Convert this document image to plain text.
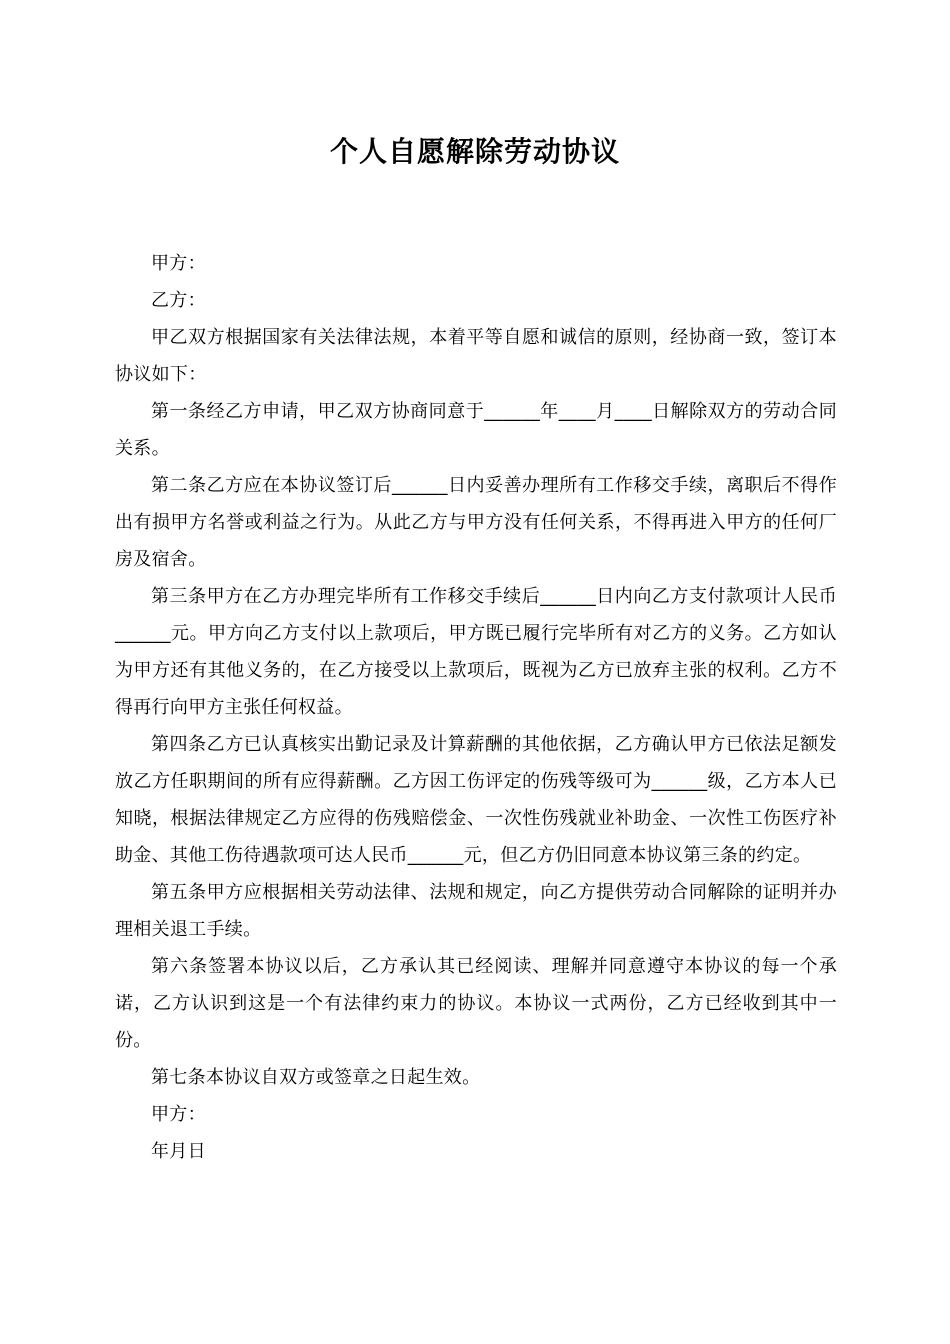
个人自愿解除劳动协议

甲方：

乙方：

甲乙双方根据国家有关法律法规，本着平等自愿和诚信的原则，经协商一致，签订本协议如下：

第一条经乙方申请，甲乙双方协商同意于______年____月____日解除双方的劳动合同关系。

第二条乙方应在本协议签订后______日内妥善办理所有工作移交手续，离职后不得作出有损甲方名誉或利益之行为。从此乙方与甲方没有任何关系，不得再进入甲方的任何厂房及宿舍。

第三条甲方在乙方办理完毕所有工作移交手续后______日内向乙方支付款项计人民币______元。甲方向乙方支付以上款项后，甲方既已履行完毕所有对乙方的义务。乙方如认为甲方还有其他义务的，在乙方接受以上款项后，既视为乙方已放弃主张的权利。乙方不得再行向甲方主张任何权益。

第四条乙方已认真核实出勤记录及计算薪酬的其他依据，乙方确认甲方已依法足额发放乙方任职期间的所有应得薪酬。乙方因工伤评定的伤残等级可为______级，乙方本人已知晓，根据法律规定乙方应得的伤残赔偿金、一次性伤残就业补助金、一次性工伤医疗补助金、其他工伤待遇款项可达人民币______元，但乙方仍旧同意本协议第三条的约定。

第五条甲方应根据相关劳动法律、法规和规定，向乙方提供劳动合同解除的证明并办理相关退工手续。

第六条签署本协议以后，乙方承认其已经阅读、理解并同意遵守本协议的每一个承诺，乙方认识到这是一个有法律约束力的协议。本协议一式两份，乙方已经收到其中一份。

第七条本协议自双方或签章之日起生效。

甲方：

年月日
